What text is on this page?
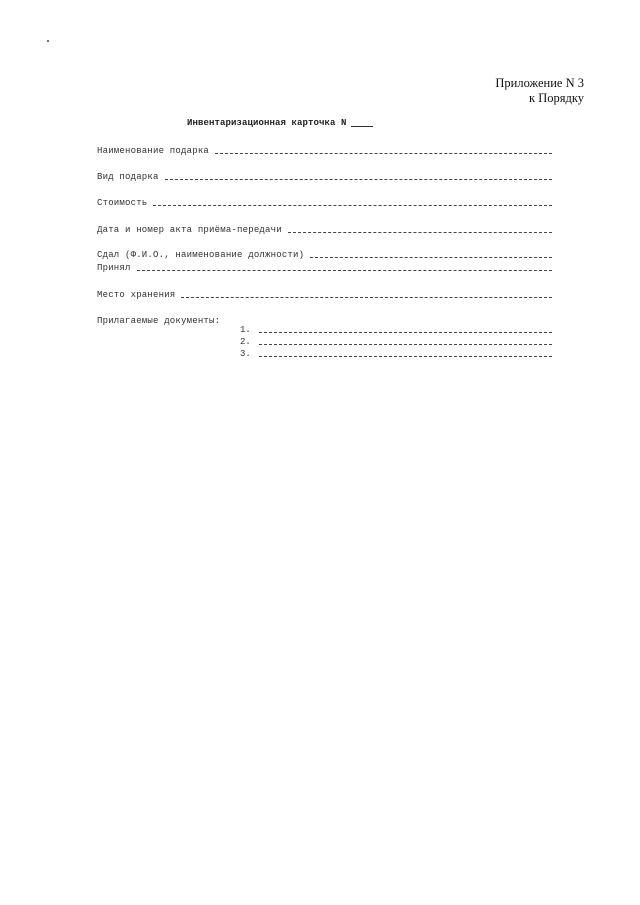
Приложение N 3
к Порядку
Инвентаризационная карточка N
Наименование подарка
Вид подарка
Стоимость
Дата и номер акта приёма-передачи
Сдал (Ф.И.О., наименование должности)
Принял
Место хранения
Прилагаемые документы:
1.
2.
3.
